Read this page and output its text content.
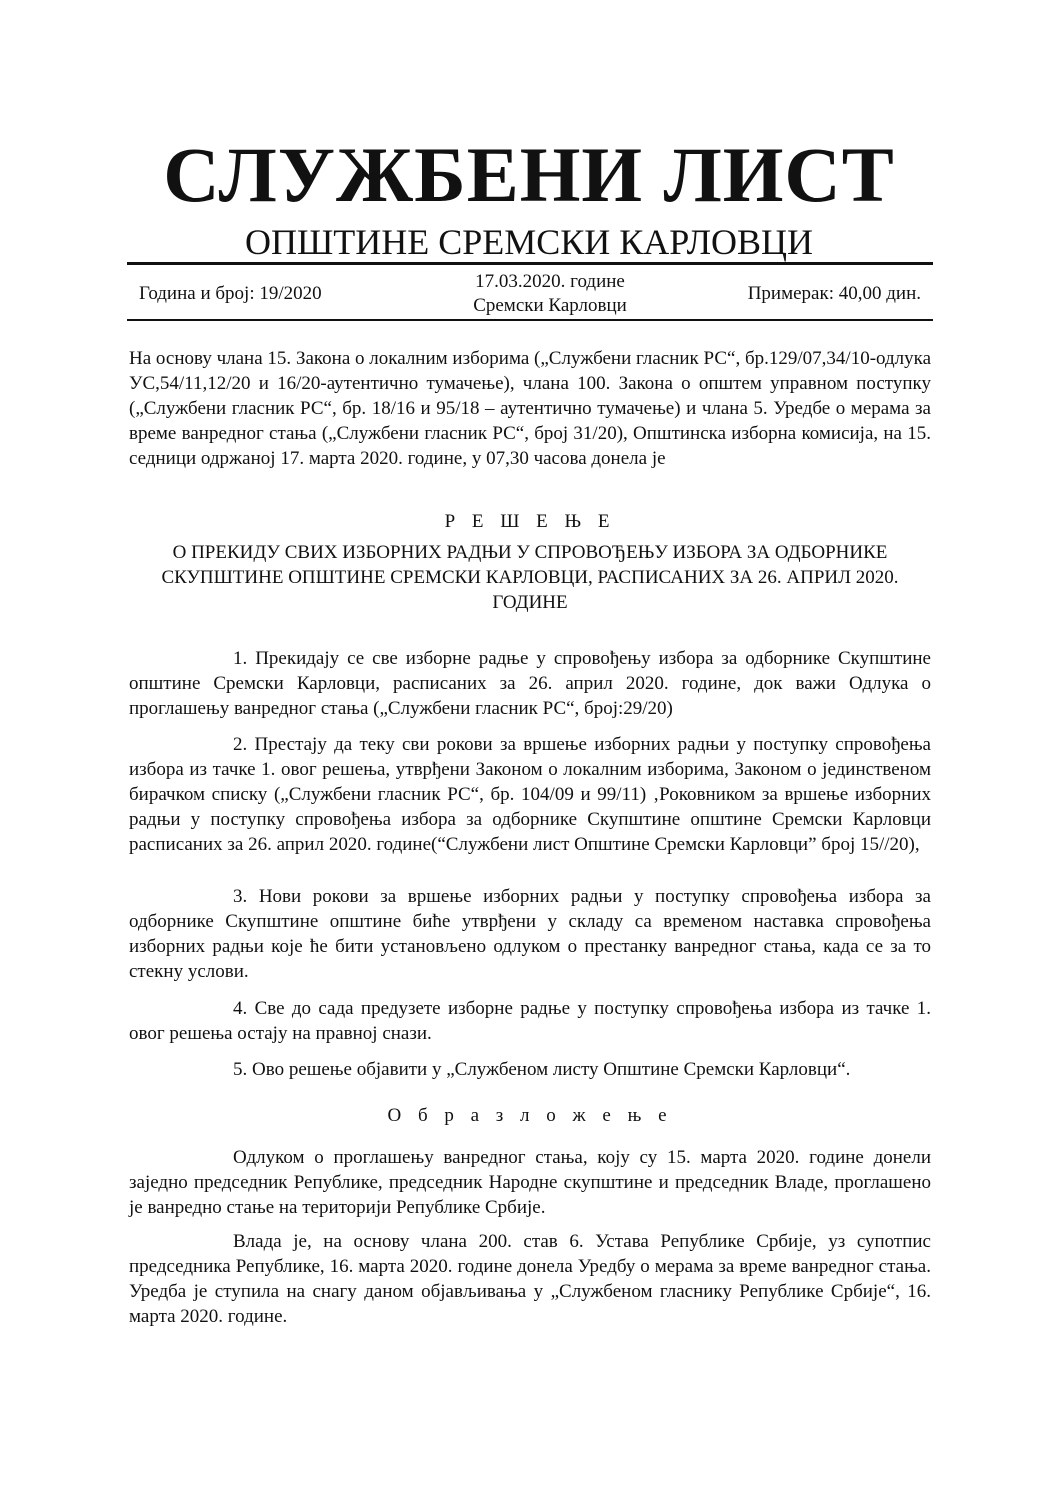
СЛУЖБЕНИ ЛИСТ
ОПШТИНЕ СРЕМСКИ КАРЛОВЦИ
Година и број: 19/2020
17.03.2020. године
Сремски Карловци
Примерак: 40,00 дин.
На основу члана 15. Закона о локалним изборима („Службени гласник РС“, бр.129/07,34/10-одлука УС,54/11,12/20 и 16/20-аутентично тумачење), члана 100. Закона о општем управном поступку („Службени гласник РС“, бр. 18/16 и 95/18 – аутентично тумачење) и члана 5. Уредбе о мерама за време ванредног стања („Службени гласник РС“, број 31/20), Општинска изборна комисија, на 15. седници одржаној 17. марта 2020. године, у 07,30 часова донела је
Р Е Ш Е Њ Е
О ПРЕКИДУ СВИХ ИЗБОРНИХ РАДЊИ У СПРОВОЂЕЊУ ИЗБОРА ЗА ОДБОРНИКЕ СКУПШТИНЕ ОПШТИНЕ СРЕМСКИ КАРЛОВЦИ, РАСПИСАНИХ ЗА 26. АПРИЛ 2020. ГОДИНЕ
1. Прекидају се све изборне радње у спровођењу избора за одборнике Скупштине општине Сремски Карловци, расписаних за 26. април 2020. године, док важи Одлука о проглашењу ванредног стања („Службени гласник РС“, број:29/20)
2. Престају да теку сви рокови за вршење изборних радњи у поступку спровођења избора из тачке 1. овог решења, утврђени Законом о локалним изборима, Законом о јединственом бирачком списку („Службени гласник РС“, бр. 104/09 и 99/11) ‚Роковником за вршење изборних радњи у поступку спровођења избора за одборнике Скупштине општине Сремски Карловци расписаних за 26. април 2020. године(“Службени лист Општине Сремски Карловци” број 15//20),
3. Нови рокови за вршење изборних радњи у поступку спровођења избора за одборнике Скупштине општине биће утврђени у складу са временом наставка спровођења изборних радњи које ће бити установљено одлуком о престанку ванредног стања, када се за то стекну услови.
4. Све до сада предузете изборне радње у поступку спровођења избора из тачке 1. овог решења остају на правној снази.
5. Ово решење објавити у „Службеном листу Општине Сремски Карловци“.
О б р а з л о ж е њ е
Одлуком о проглашењу ванредног стања, коју су 15. марта 2020. године донели заједно председник Републике, председник Народне скупштине и председник Владе, проглашено је ванредно стање на територији Републике Србије.
Влада је, на основу члана 200. став 6. Устава Републике Србије, уз супотпис председника Републике, 16. марта 2020. године донела Уредбу о мерама за време ванредног стања. Уредба је ступила на снагу даном објављивања у „Службеном гласнику Републике Србије“, 16. марта 2020. године.
